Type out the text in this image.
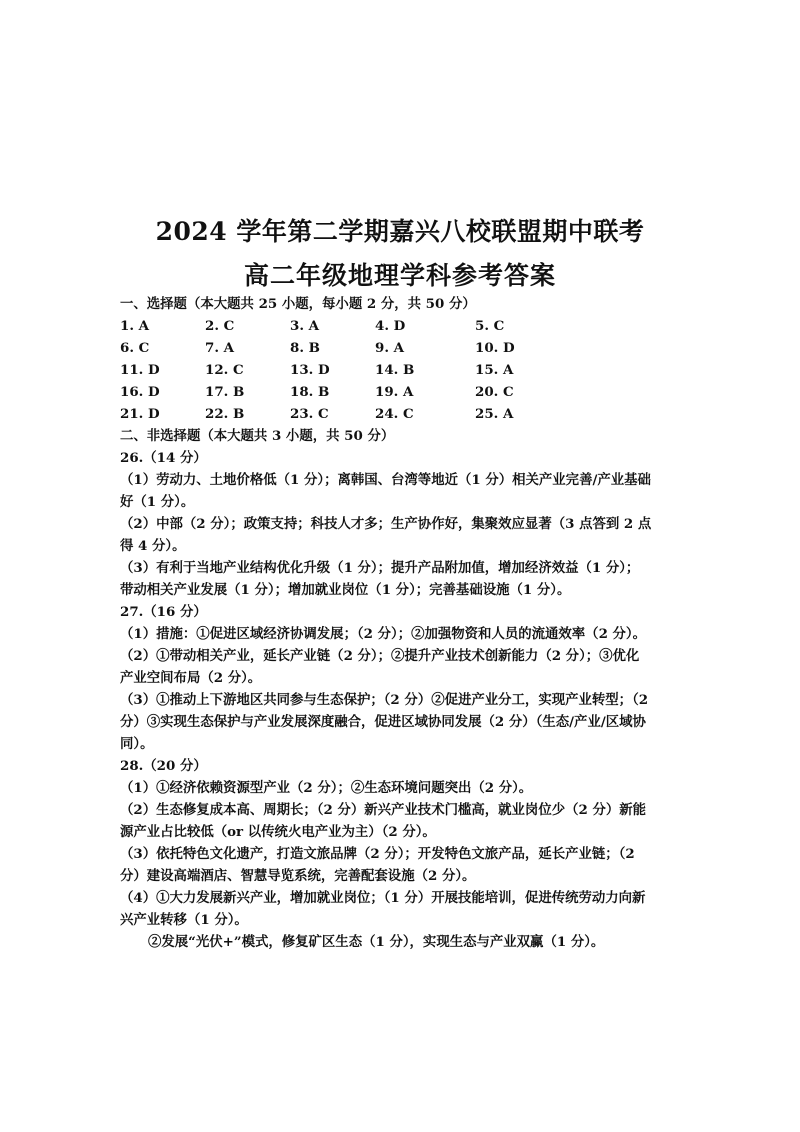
2024 学年第二学期嘉兴八校联盟期中联考
高二年级地理学科参考答案
一、选择题（本大题共 25 小题，每小题 2 分，共 50 分）
1. A	2. C	3. A	4. D	5. C
6. C	7. A	8. B	9. A	10. D
11. D	12. C	13. D	14. B	15. A
16. D	17. B	18. B	19. A	20. C
21. D	22. B	23. C	24. C	25. A
二、非选择题（本大题共 3 小题，共 50 分）
26.（14 分）
（1）劳动力、土地价格低（1 分）；离韩国、台湾等地近（1 分）相关产业完善/产业基础
好（1 分）。
（2）中部（2 分）；政策支持；科技人才多；生产协作好，集聚效应显著（3 点答到 2 点
得 4 分）。
（3）有利于当地产业结构优化升级（1 分）；提升产品附加值，增加经济效益（1 分）；
带动相关产业发展（1 分）；增加就业岗位（1 分）；完善基础设施（1 分）。
27.（16 分）
（1）措施：①促进区域经济协调发展；（2 分）；②加强物资和人员的流通效率（2 分）。
（2）①带动相关产业，延长产业链（2 分）；②提升产业技术创新能力（2 分）；③优化
产业空间布局（2 分）。
（3）①推动上下游地区共同参与生态保护；（2 分）②促进产业分工，实现产业转型；（2
分）③实现生态保护与产业发展深度融合，促进区域协同发展（2 分）（生态/产业/区域协
同）。
28.（20 分）
（1）①经济依赖资源型产业（2 分）；②生态环境问题突出（2 分）。
（2）生态修复成本高、周期长；（2 分）新兴产业技术门槛高，就业岗位少（2 分）新能
源产业占比较低（or 以传统火电产业为主）（2 分）。
（3）依托特色文化遗产，打造文旅品牌（2 分）；开发特色文旅产品，延长产业链；（2
分）建设高端酒店、智慧导览系统，完善配套设施（2 分）。
（4）①大力发展新兴产业，增加就业岗位；（1 分）开展技能培训，促进传统劳动力向新
兴产业转移（1 分）。
②发展“光伏+”模式，修复矿区生态（1 分），实现生态与产业双赢（1 分）。
